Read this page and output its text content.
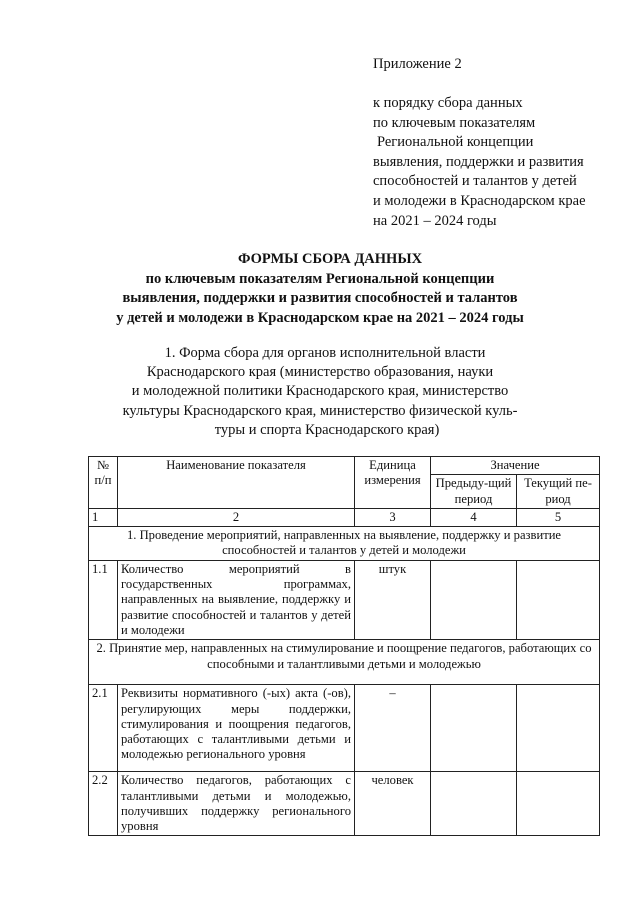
Приложение 2
к порядку сбора данных
по ключевым показателям
Региональной концепции
выявления, поддержки и развития
способностей и талантов у детей
и молодежи в Краснодарском крае
на 2021 – 2024 годы
ФОРМЫ СБОРА ДАННЫХ
по ключевым показателям Региональной концепции
выявления, поддержки и развития способностей и талантов
у детей и молодежи в Краснодарском крае на 2021 – 2024 годы
1. Форма сбора для органов исполнительной власти
Краснодарского края (министерство образования, науки
и молодежной политики Краснодарского края, министерство
культуры Краснодарского края, министерство физической куль-
туры и спорта Краснодарского края)
№ п/п	Наименование показателя	Единица измерения	Значение	
			Предыду-щий период	Текущий пе-риод
1	2	3	4	5
1. Проведение мероприятий, направленных на выявление, поддержку и развитие способностей и талантов у детей и молодежи				
1.1	Количество мероприятий в государственных программах, направленных на выявление, поддержку и развитие способностей и талантов у детей и молодежи	штук		
2. Принятие мер, направленных на стимулирование и поощрение педагогов, работающих со способными и талантливыми детьми и молодежью				
2.1	Реквизиты нормативного (-ых) акта (-ов), регулирующих меры поддержки, стимулирования и поощрения педагогов, работающих с талантливыми детьми и молодежью регионального уровня	–		
2.2	Количество педагогов, работающих с талантливыми детьми и молодежью, получивших поддержку регионального уровня	человек		
